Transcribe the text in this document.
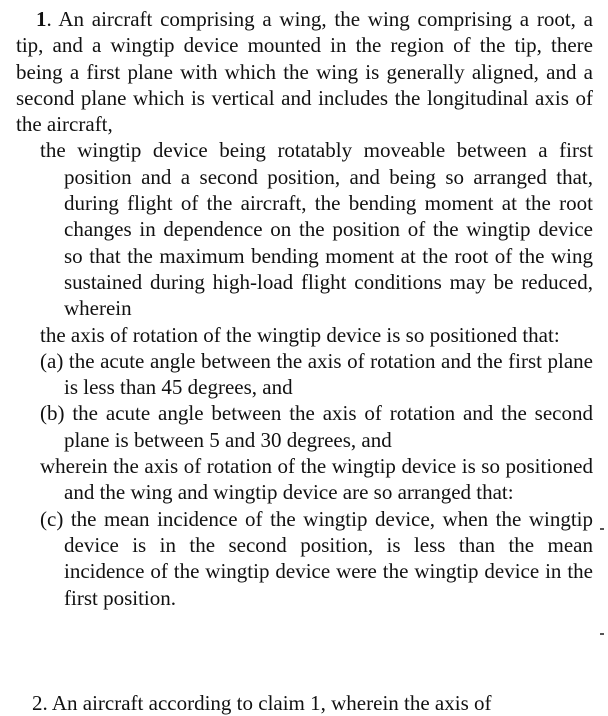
1. An aircraft comprising a wing, the wing comprising a root, a tip, and a wingtip device mounted in the region of the tip, there being a first plane with which the wing is generally aligned, and a second plane which is vertical and includes the longitudinal axis of the aircraft,

the wingtip device being rotatably moveable between a first position and a second position, and being so arranged that, during flight of the aircraft, the bending moment at the root changes in dependence on the position of the wingtip device so that the maximum bending moment at the root of the wing sustained during high-load flight conditions may be reduced, wherein

the axis of rotation of the wingtip device is so positioned that:

(a) the acute angle between the axis of rotation and the first plane is less than 45 degrees, and

(b) the acute angle between the axis of rotation and the second plane is between 5 and 30 degrees, and

wherein the axis of rotation of the wingtip device is so positioned and the wing and wingtip device are so arranged that:

(c) the mean incidence of the wingtip device, when the wingtip device is in the second position, is less than the mean incidence of the wingtip device were the wingtip device in the first position.

2. An aircraft according to claim 1, wherein the axis of
